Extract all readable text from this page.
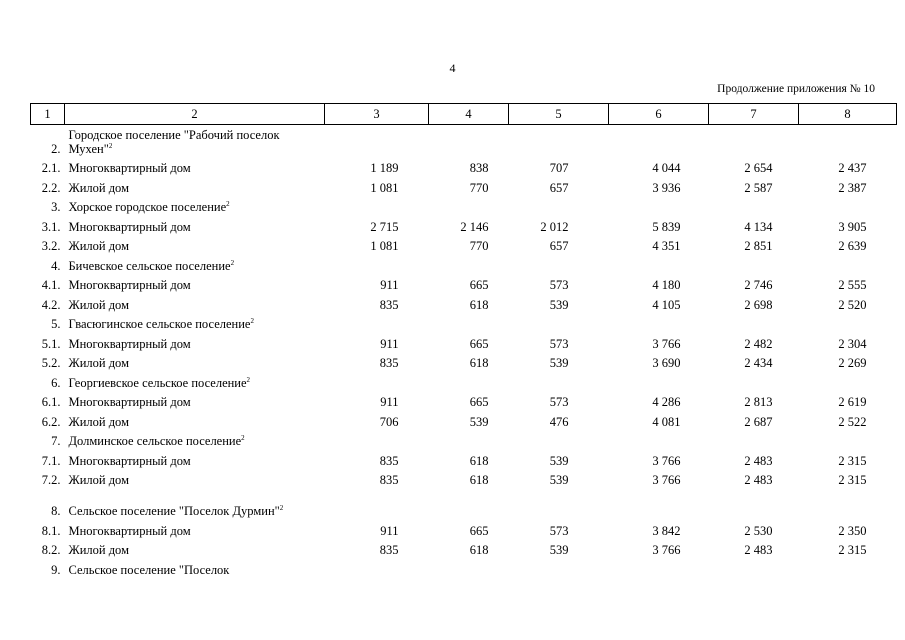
4
Продолжение приложения № 10
1	2	3	4	5	6	7	8
2.	Городское поселение "Рабочий поселок Мухен"$^2$						
2.1.	Многоквартирный дом	1 189	838	707	4 044	2 654	2 437
2.2.	Жилой дом	1 081	770	657	3 936	2 587	2 387
3.	Хорское городское поселение$^2$						
3.1.	Многоквартирный дом	2 715	2 146	2 012	5 839	4 134	3 905
3.2.	Жилой дом	1 081	770	657	4 351	2 851	2 639
4.	Бичевское сельское поселение$^2$						
4.1.	Многоквартирный дом	911	665	573	4 180	2 746	2 555
4.2.	Жилой дом	835	618	539	4 105	2 698	2 520
5.	Гвасюгинское сельское поселение$^2$						
5.1.	Многоквартирный дом	911	665	573	3 766	2 482	2 304
5.2.	Жилой дом	835	618	539	3 690	2 434	2 269
6.	Георгиевское сельское поселение$^2$						
6.1.	Многоквартирный дом	911	665	573	4 286	2 813	2 619
6.2.	Жилой дом	706	539	476	4 081	2 687	2 522
7.	Долминское сельское поселение$^2$						
7.1.	Многоквартирный дом	835	618	539	3 766	2 483	2 315
7.2.	Жилой дом	835	618	539	3 766	2 483	2 315
8.	Сельское поселение "Поселок Дурмин"$^2$						
8.1.	Многоквартирный дом	911	665	573	3 842	2 530	2 350
8.2.	Жилой дом	835	618	539	3 766	2 483	2 315
9.	Сельское поселение "Поселок						
